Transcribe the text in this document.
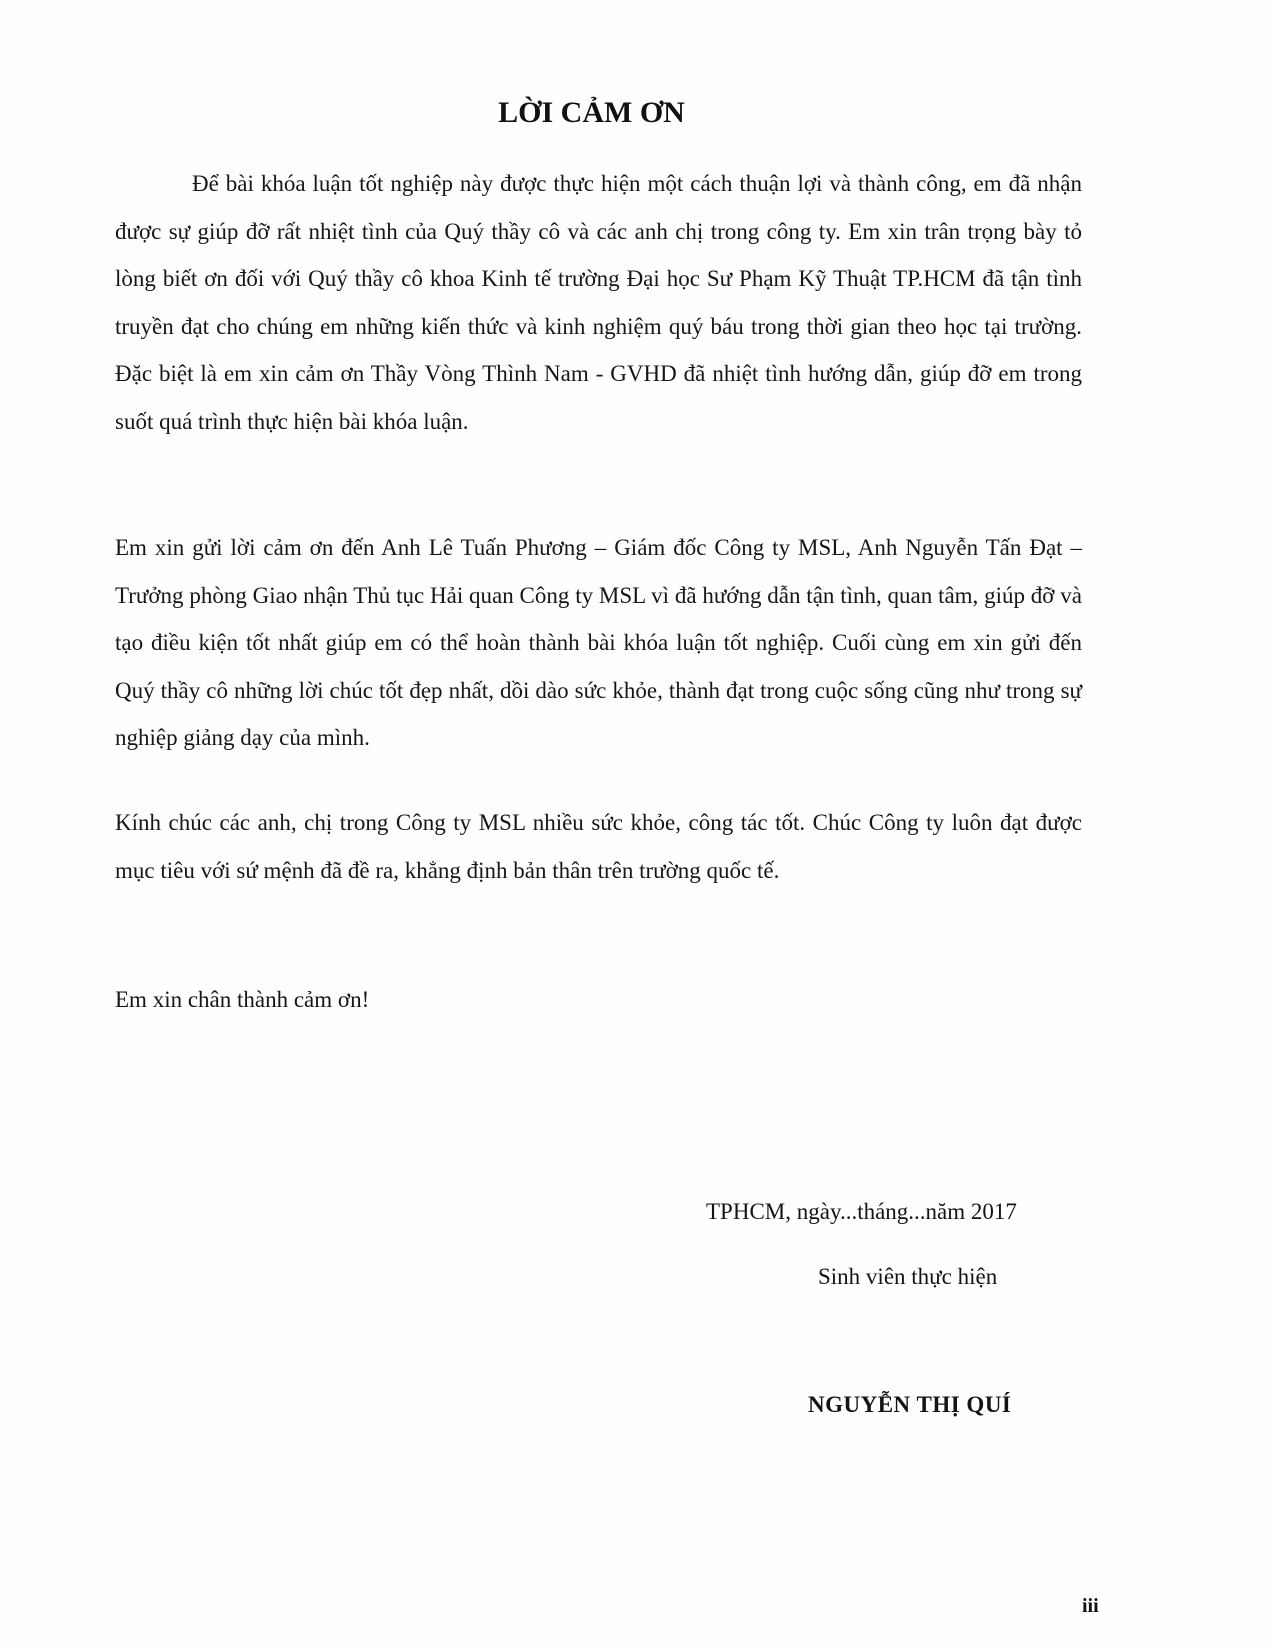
LỜI CẢM ƠN

Để bài khóa luận tốt nghiệp này được thực hiện một cách thuận lợi và thành công, em đã nhận được sự giúp đỡ rất nhiệt tình của Quý thầy cô và các anh chị trong công ty. Em xin trân trọng bày tỏ lòng biết ơn đối với Quý thầy cô khoa Kinh tế trường Đại học Sư Phạm Kỹ Thuật TP.HCM đã tận tình truyền đạt cho chúng em những kiến thức và kinh nghiệm quý báu trong thời gian theo học tại trường. Đặc biệt là em xin cảm ơn Thầy Vòng Thình Nam - GVHD đã nhiệt tình hướng dẫn, giúp đỡ em trong suốt quá trình thực hiện bài khóa luận.

Em xin gửi lời cảm ơn đến Anh Lê Tuấn Phương – Giám đốc Công ty MSL, Anh Nguyễn Tấn Đạt – Trưởng phòng Giao nhận Thủ tục Hải quan Công ty MSL vì đã hướng dẫn tận tình, quan tâm, giúp đỡ và tạo điều kiện tốt nhất giúp em có thể hoàn thành bài khóa luận tốt nghiệp. Cuối cùng em xin gửi đến Quý thầy cô những lời chúc tốt đẹp nhất, dồi dào sức khỏe, thành đạt trong cuộc sống cũng như trong sự nghiệp giảng dạy của mình.

Kính chúc các anh, chị trong Công ty MSL nhiều sức khỏe, công tác tốt. Chúc Công ty luôn đạt được mục tiêu với sứ mệnh đã đề ra, khẳng định bản thân trên trường quốc tế.

Em xin chân thành cảm ơn!

TPHCM, ngày...tháng...năm 2017
Sinh viên thực hiện
NGUYỄN THỊ QUÍ
iii
